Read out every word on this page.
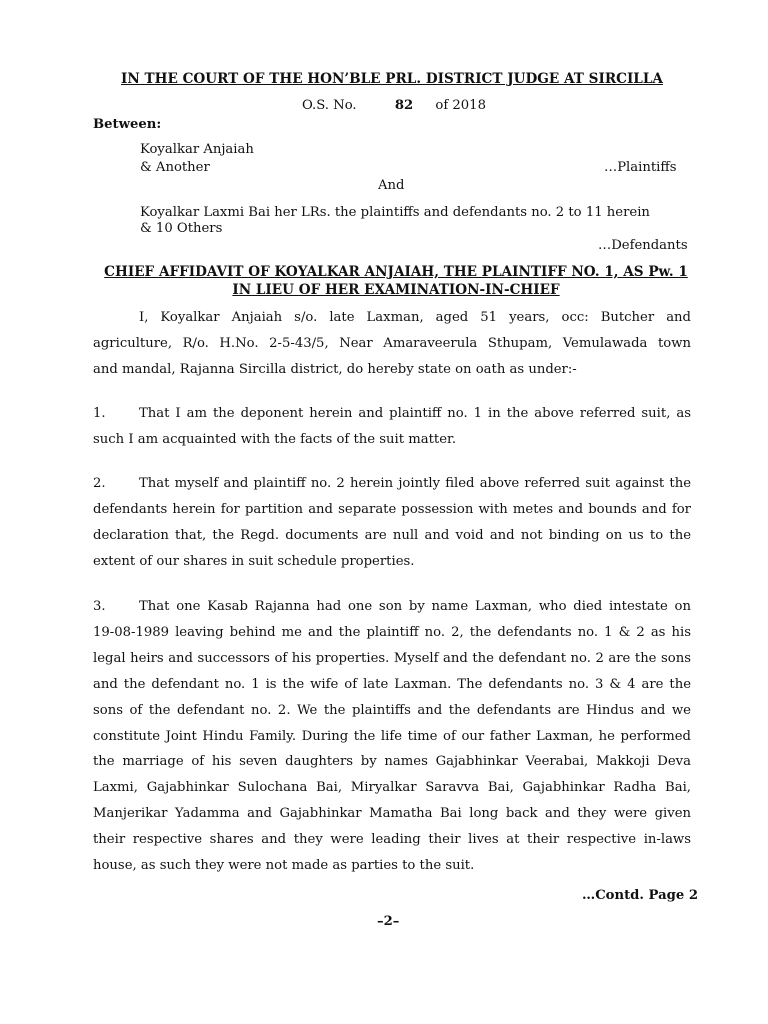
IN THE COURT OF THE HON’BLE PRL. DISTRICT JUDGE AT SIRCILLA
O.S. No.	82 of 2018
Between:
Koyalkar Anjaiah
& Another	…Plaintiffs
And
Koyalkar Laxmi Bai her LRs. the plaintiffs and defendants no. 2 to 11 herein
& 10 Others
…Defendants
CHIEF AFFIDAVIT OF KOYALKAR ANJAIAH, THE PLAINTIFF NO. 1, AS Pw. 1
IN LIEU OF HER EXAMINATION-IN-CHIEF
I, Koyalkar Anjaiah s/o. late Laxman, aged 51 years, occ: Butcher and
agriculture, R/o. H.No. 2-5-43/5, Near Amaraveerula Sthupam, Vemulawada town
and mandal, Rajanna Sircilla district, do hereby state on oath as under:-
1.	That I am the deponent herein and plaintiff no. 1 in the above referred suit, as
such I am acquainted with the facts of the suit matter.
2.	That myself and plaintiff no. 2 herein jointly filed above referred suit against the
defendants herein for partition and separate possession with metes and bounds and for
declaration that, the Regd. documents are null and void and not binding on us to the
extent of our shares in suit schedule properties.
3.	That one Kasab Rajanna had one son by name Laxman, who died intestate on
19-08-1989 leaving behind me and the plaintiff no. 2, the defendants no. 1 & 2 as his
legal heirs and successors of his properties. Myself and the defendant no. 2 are the sons
and the defendant no. 1 is the wife of late Laxman. The defendants no. 3 & 4 are the
sons of the defendant no. 2. We the plaintiffs and the defendants are Hindus and we
constitute Joint Hindu Family. During the life time of our father Laxman, he performed
the marriage of his seven daughters by names Gajabhinkar Veerabai, Makkoji Deva
Laxmi, Gajabhinkar Sulochana Bai, Miryalkar Saravva Bai, Gajabhinkar Radha Bai,
Manjerikar Yadamma and Gajabhinkar Mamatha Bai long back and they were given
their respective shares and they were leading their lives at their respective in-laws
house, as such they were not made as parties to the suit.
…Contd. Page 2
–2–
